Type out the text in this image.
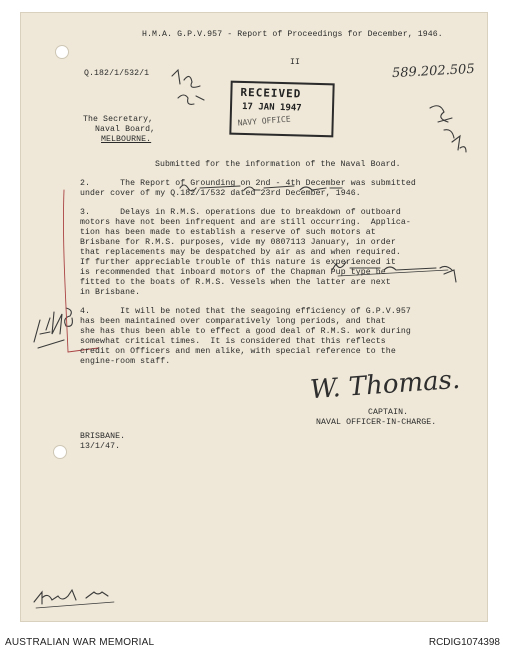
H.M.A. G.P.V.957 - Report of Proceedings for December, 1946.
II
Q.182/1/532/1	589.202.505
RECEIVED
17 JAN 1947
NAVY OFFICE
The Secretary,
Naval Board,
MELBOURNE.
Submitted for the information of the Naval Board.
2.      The Report of Grounding on 2nd - 4th December was submitted
under cover of my Q.182/1/532 dated 23rd December, 1946.
3.      Delays in R.M.S. operations due to breakdown of outboard
motors have not been infrequent and are still occurring.  Applica-
tion has been made to establish a reserve of such motors at
Brisbane for R.M.S. purposes, vide my 0807113 January, in order
that replacements may be despatched by air as and when required.
If further appreciable trouble of this nature is experienced it
is recommended that inboard motors of the Chapman Pup type be
fitted to the boats of R.M.S. Vessels when the latter are next
in Brisbane.
4.      It will be noted that the seagoing efficiency of G.P.V.957
has been maintained over comparatively long periods, and that
she has thus been able to effect a good deal of R.M.S. work during
somewhat critical times.  It is considered that this reflects
credit on Officers and men alike, with special reference to the
engine-room staff.
W. Thomas.
CAPTAIN.
NAVAL OFFICER-IN-CHARGE.
BRISBANE.
13/1/47.
AUSTRALIAN WAR MEMORIAL	RCDIG1074398
